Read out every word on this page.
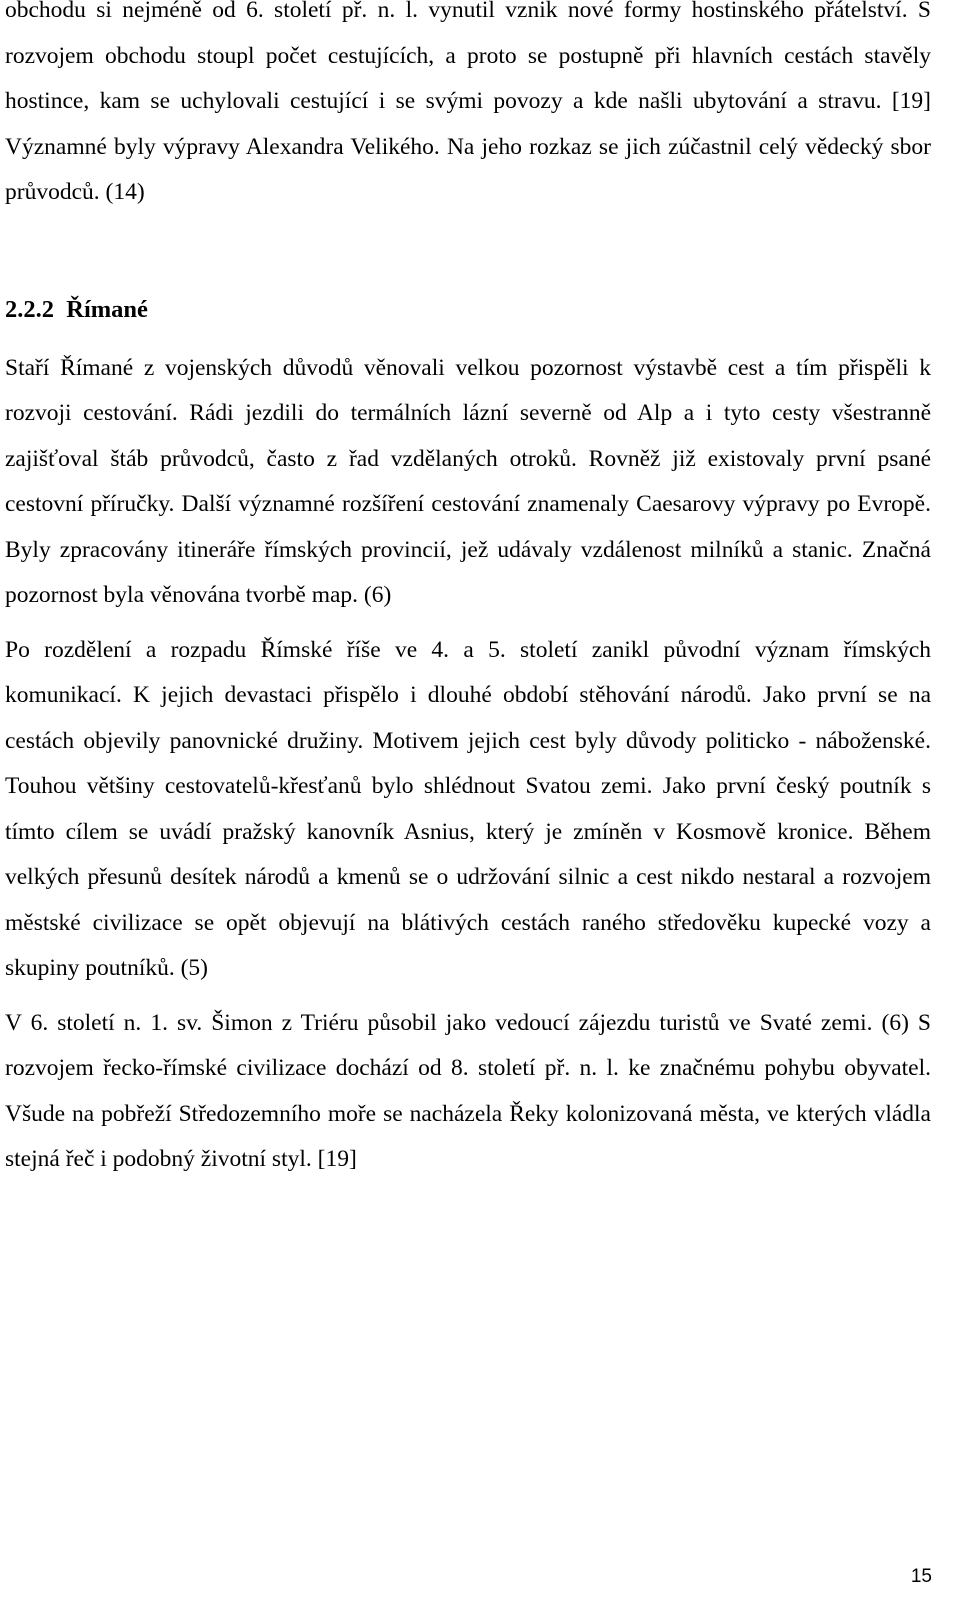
obchodu si nejméně od 6. století př. n. l. vynutil vznik nové formy hostinského přátelství. S rozvojem obchodu stoupl počet cestujících, a proto se postupně při hlavních cestách stavěly hostince, kam se uchylovali cestující i se svými povozy a kde našli ubytování a stravu. [19] Významné byly výpravy Alexandra Velikého. Na jeho rozkaz se jich zúčastnil celý vědecký sbor průvodců. (14)

2.2.2 Římané

Staří Římané z vojenských důvodů věnovali velkou pozornost výstavbě cest a tím přispěli k rozvoji cestování. Rádi jezdili do termálních lázní severně od Alp a i tyto cesty všestranně zajišťoval štáb průvodců, často z řad vzdělaných otroků. Rovněž již existovaly první psané cestovní příručky. Další významné rozšíření cestování znamenaly Caesarovy výpravy po Evropě. Byly zpracovány itineráře římských provincií, jež udávaly vzdálenost milníků a stanic. Značná pozornost byla věnována tvorbě map. (6)

Po rozdělení a rozpadu Římské říše ve 4. a 5. století zanikl původní význam římských komunikací. K jejich devastaci přispělo i dlouhé období stěhování národů. Jako první se na cestách objevily panovnické družiny. Motivem jejich cest byly důvody politicko - náboženské. Touhou většiny cestovatelů-křesťanů bylo shlédnout Svatou zemi. Jako první český poutník s tímto cílem se uvádí pražský kanovník Asnius, který je zmíněn v Kosmově kronice. Během velkých přesunů desítek národů a kmenů se o udržování silnic a cest nikdo nestaral a rozvojem městské civilizace se opět objevují na blátivých cestách raného středověku kupecké vozy a skupiny poutníků. (5)

V 6. století n. 1. sv. Šimon z Triéru působil jako vedoucí zájezdu turistů ve Svaté zemi. (6) S rozvojem řecko-římské civilizace dochází od 8. století př. n. l. ke značnému pohybu obyvatel. Všude na pobřeží Středozemního moře se nacházela Řeky kolonizovaná města, ve kterých vládla stejná řeč i podobný životní styl. [19]

15
